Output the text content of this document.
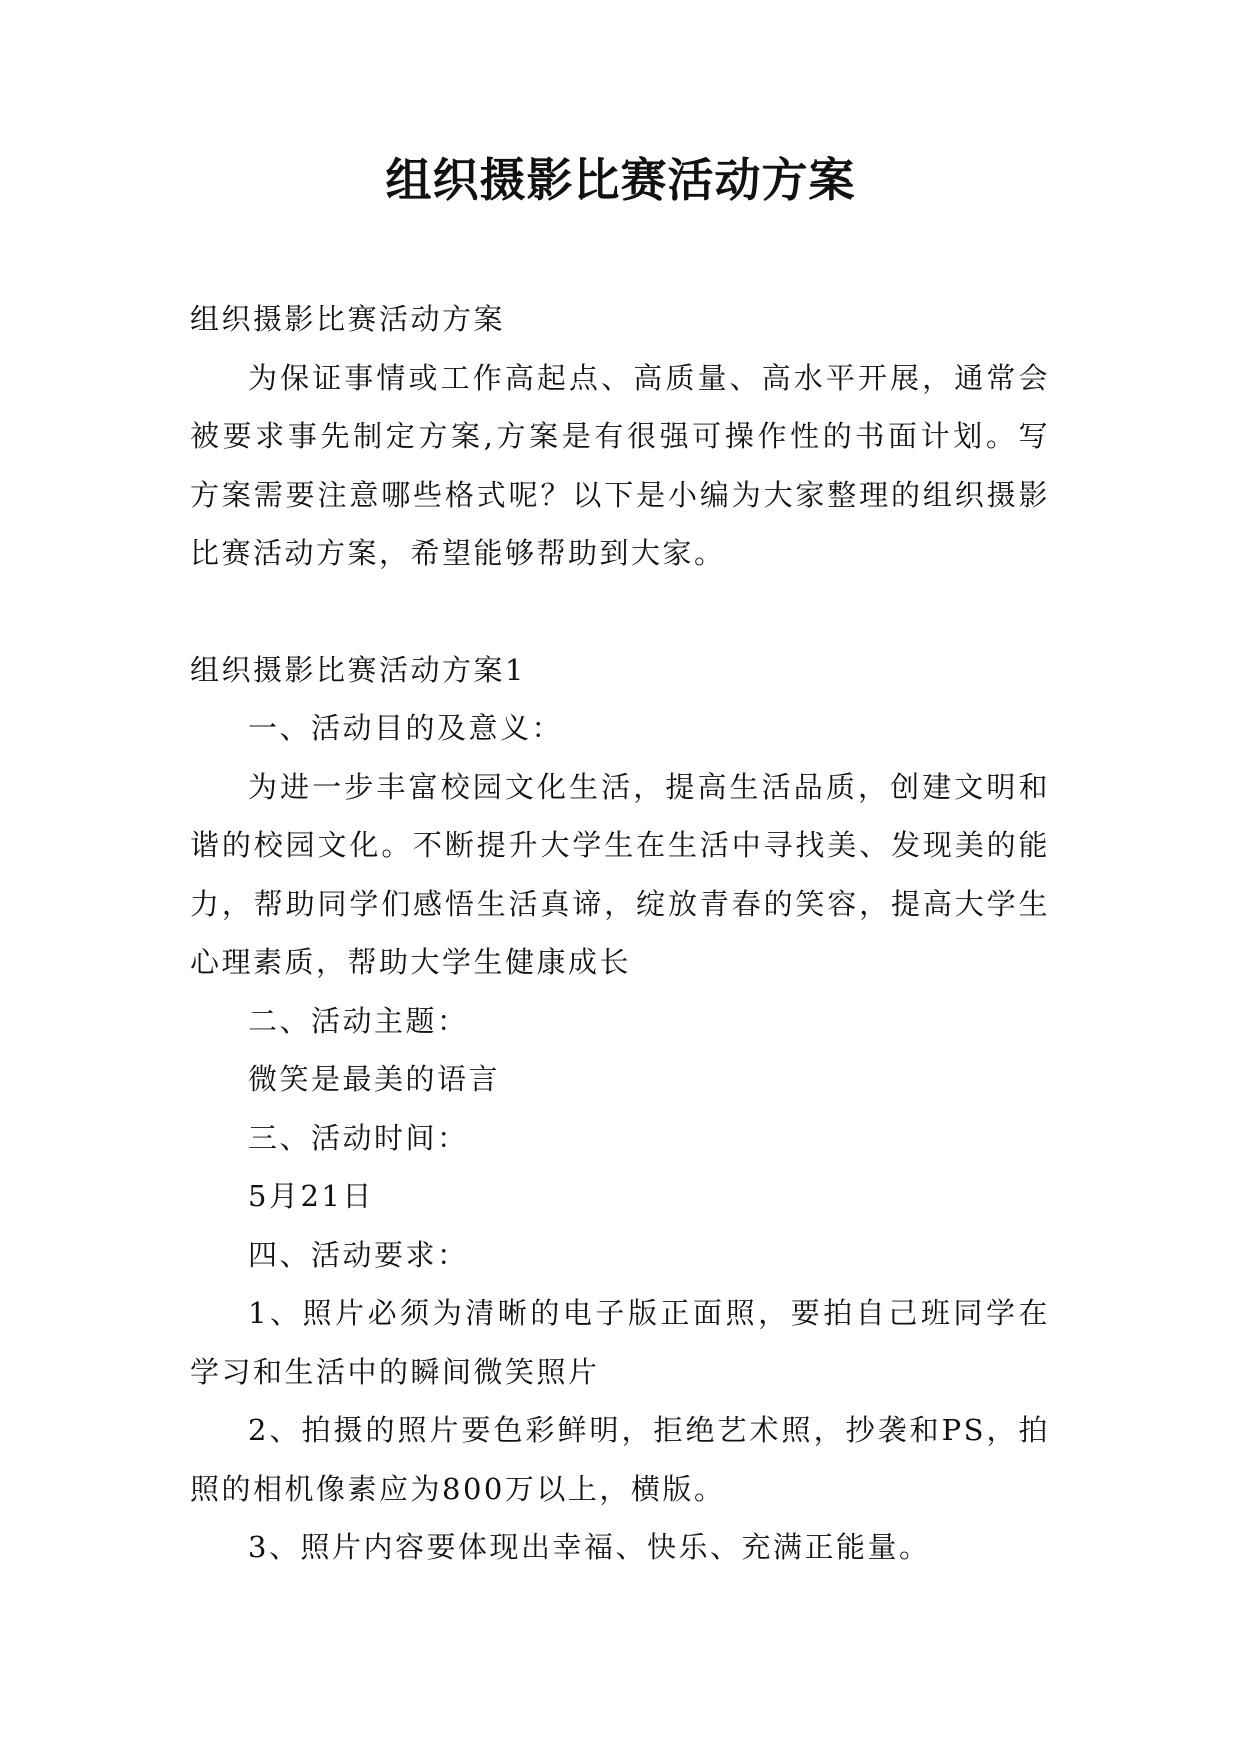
组织摄影比赛活动方案

组织摄影比赛活动方案

为保证事情或工作高起点、高质量、高水平开展，通常会被要求事先制定方案,方案是有很强可操作性的书面计划。写方案需要注意哪些格式呢？以下是小编为大家整理的组织摄影比赛活动方案，希望能够帮助到大家。

组织摄影比赛活动方案1

一、活动目的及意义：

为进一步丰富校园文化生活，提高生活品质，创建文明和谐的校园文化。不断提升大学生在生活中寻找美、发现美的能力，帮助同学们感悟生活真谛，绽放青春的笑容，提高大学生心理素质，帮助大学生健康成长

二、活动主题：

微笑是最美的语言

三、活动时间：

5月21日

四、活动要求：

1、照片必须为清晰的电子版正面照，要拍自己班同学在学习和生活中的瞬间微笑照片

2、拍摄的照片要色彩鲜明，拒绝艺术照，抄袭和PS，拍照的相机像素应为800万以上，横版。

3、照片内容要体现出幸福、快乐、充满正能量。
